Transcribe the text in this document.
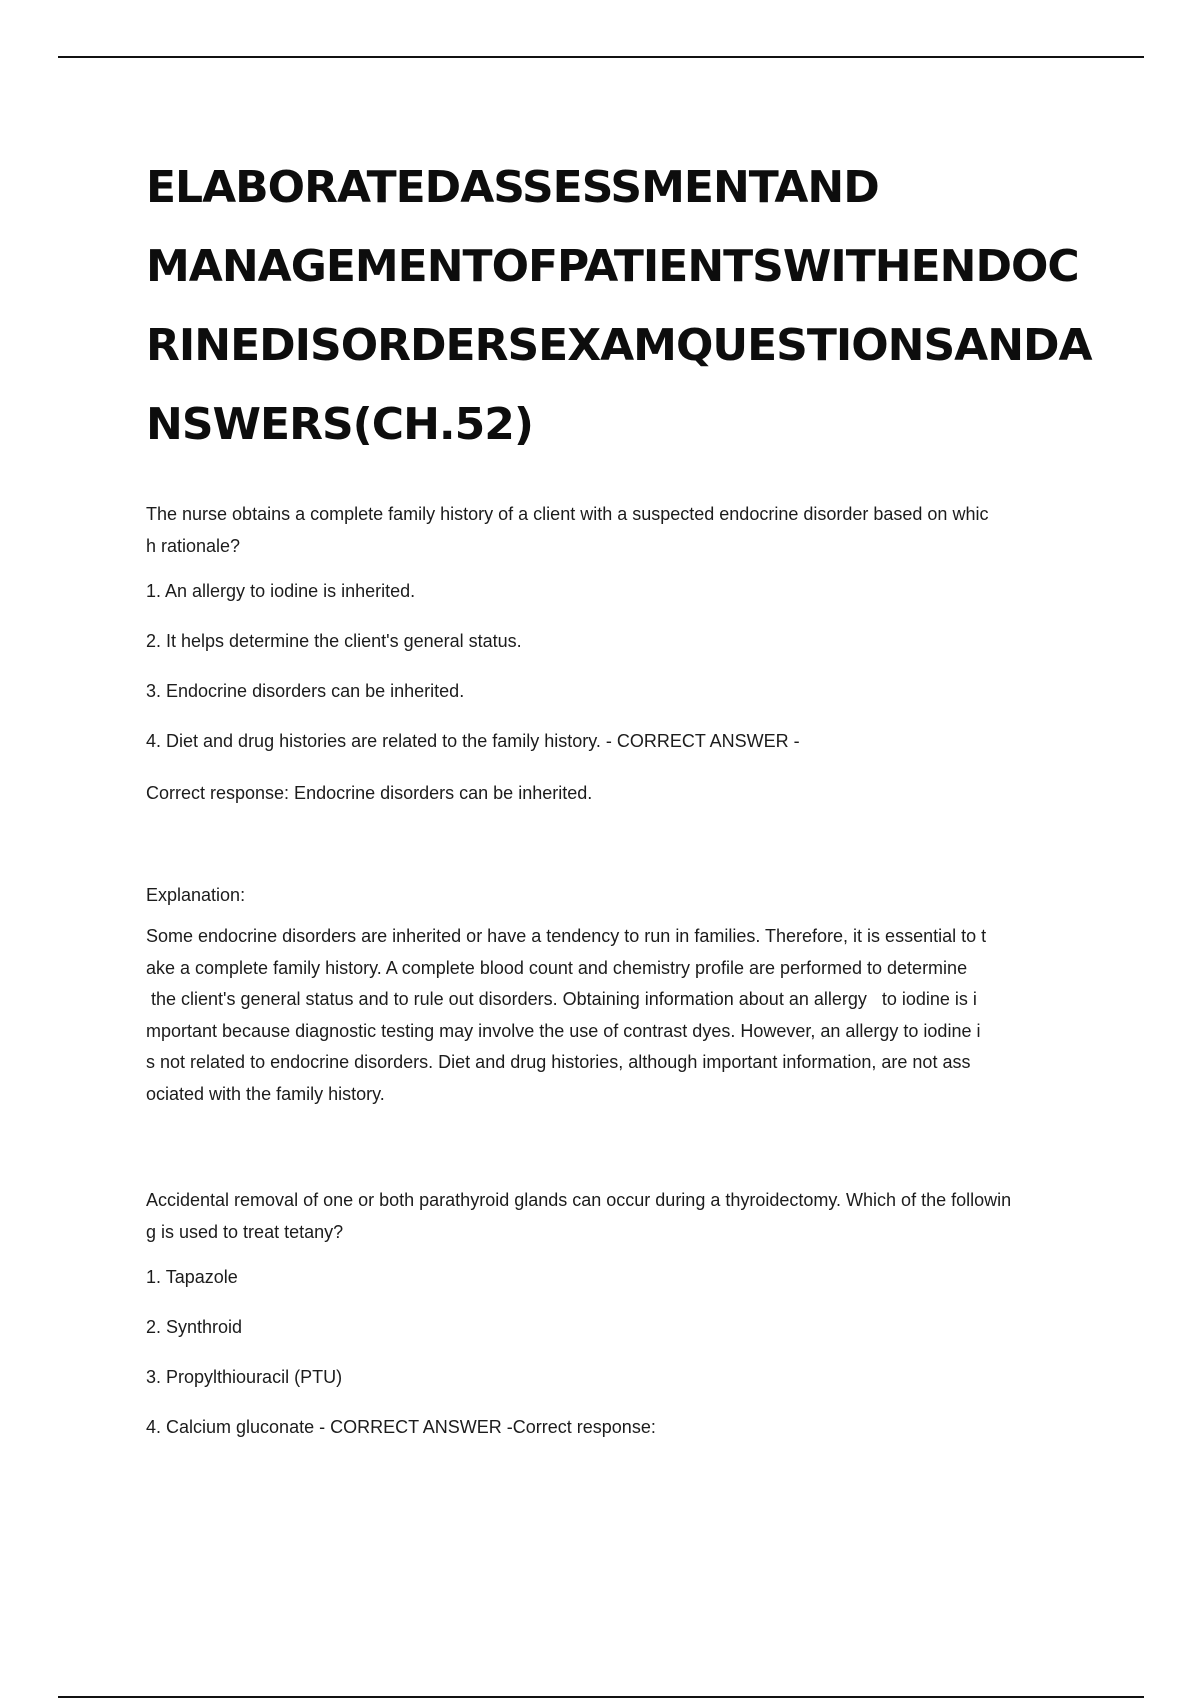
ELABORATEDASSESSMENTAND
MANAGEMENTOFPATIENTSWITHENDOC
RINEDISORDERSEXAMQUESTIONSANDA
NSWERS(CH.52)
The nurse obtains a complete family history of a client with a suspected endocrine disorder based on whic
h rationale?
1. An allergy to iodine is inherited.
2. It helps determine the client's general status.
3. Endocrine disorders can be inherited.
4. Diet and drug histories are related to the family history. - CORRECT ANSWER -
Correct response: Endocrine disorders can be inherited.
Explanation:
Some endocrine disorders are inherited or have a tendency to run in families. Therefore, it is essential to t
ake a complete family history. A complete blood count and chemistry profile are performed to determine
the client's general status and to rule out disorders. Obtaining information about an allergy   to iodine is i
mportant because diagnostic testing may involve the use of contrast dyes. However, an allergy to iodine i
s not related to endocrine disorders. Diet and drug histories, although important information, are not ass
ociated with the family history.
Accidental removal of one or both parathyroid glands can occur during a thyroidectomy. Which of the followin
g is used to treat tetany?
1. Tapazole
2. Synthroid
3. Propylthiouracil (PTU)
4. Calcium gluconate - CORRECT ANSWER -Correct response:
